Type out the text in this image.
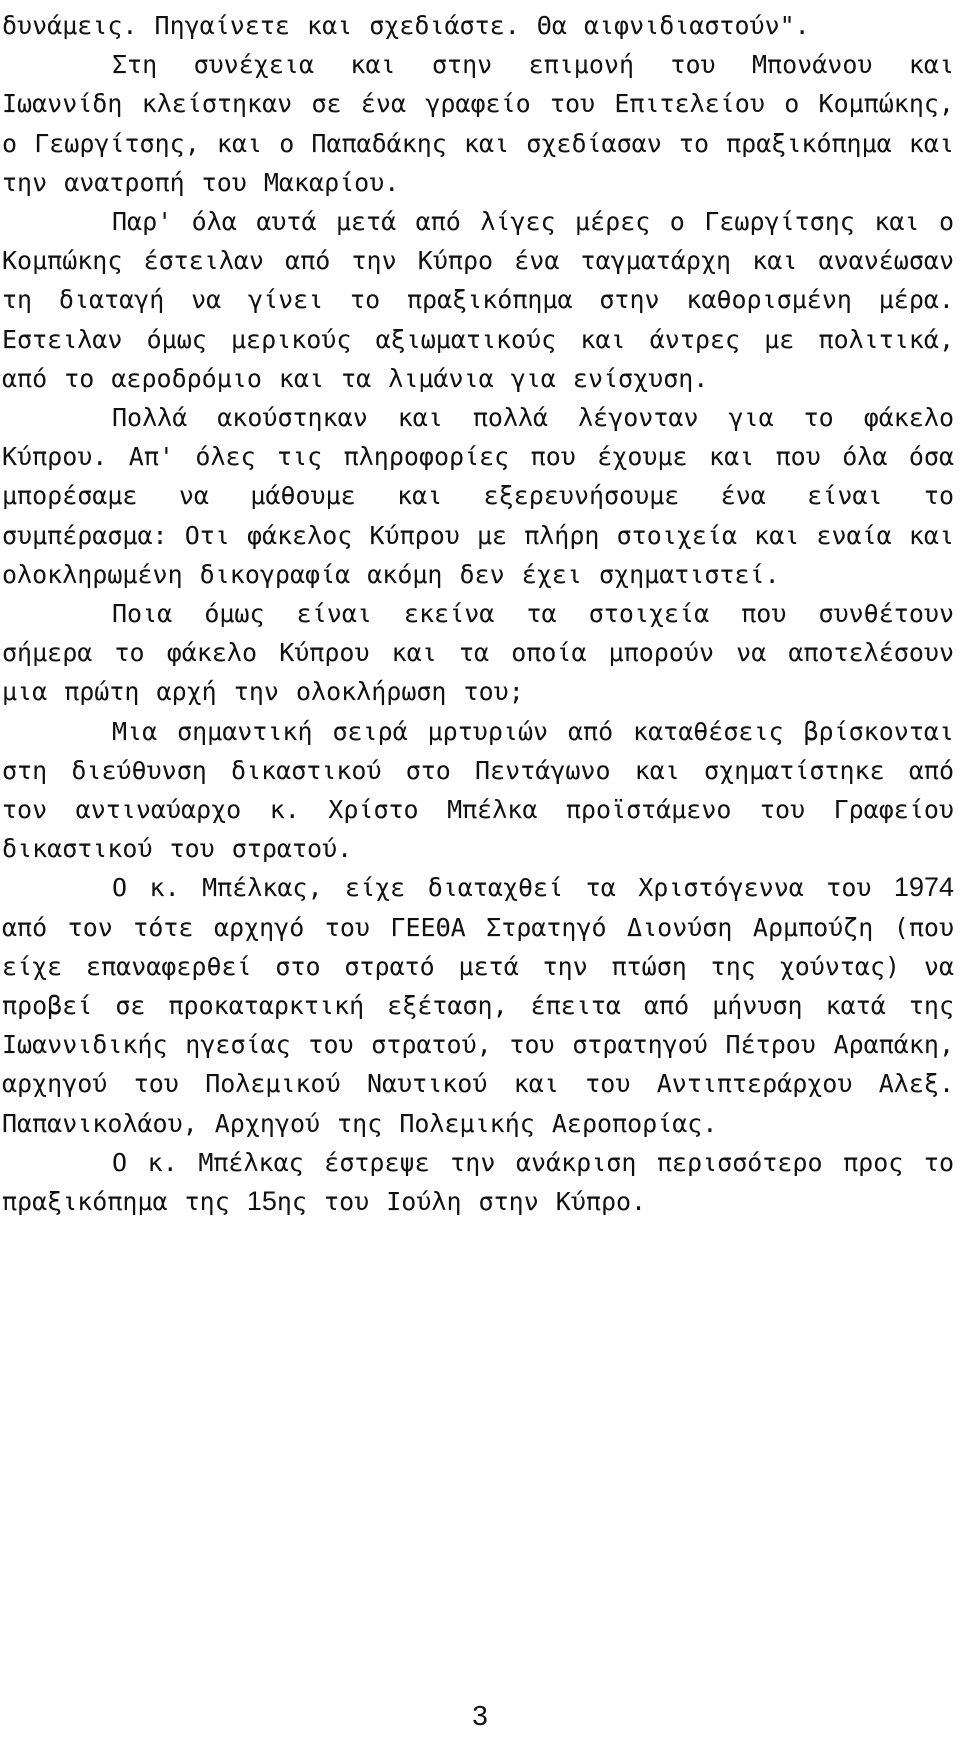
δυνάμεις. Πηγαίνετε και σχεδιάστε. Θα αιφνιδιαστούν".

Στη συνέχεια και στην επιμονή του Μπονάνου και Ιωαννίδη κλείστηκαν σε ένα γραφείο του Επιτελείου ο Κομπώκης, ο Γεωργίτσης, και ο Παπαδάκης και σχεδίασαν το πραξικόπημα και την ανατροπή του Μακαρίου.

Παρ' όλα αυτά μετά από λίγες μέρες ο Γεωργίτσης και ο Κομπώκης έστειλαν από την Κύπρο ένα ταγματάρχη και ανανέωσαν τη διαταγή να γίνει το πραξικόπημα στην καθορισμένη μέρα. Εστειλαν όμως μερικούς αξιωματικούς και άντρες με πολιτικά, από το αεροδρόμιο και τα λιμάνια για ενίσχυση.

Πολλά ακούστηκαν και πολλά λέγονταν για το φάκελο Κύπρου. Απ' όλες τις πληροφορίες που έχουμε και που όλα όσα μπορέσαμε να μάθουμε και εξερευνήσουμε ένα είναι το συμπέρασμα: Οτι φάκελος Κύπρου με πλήρη στοιχεία και εναία και ολοκληρωμένη δικογραφία ακόμη δεν έχει σχηματιστεί.

Ποια όμως είναι εκείνα τα στοιχεία που συνθέτουν σήμερα το φάκελο Κύπρου και τα οποία μπορούν να αποτελέσουν μια πρώτη αρχή την ολοκλήρωση του;

Μια σημαντική σειρά μρτυριών από καταθέσεις βρίσκονται στη διεύθυνση δικαστικού στο Πεντάγωνο και σχηματίστηκε από τον αντιναύαρχο κ. Χρίστο Μπέλκα προϊστάμενο του Γραφείου δικαστικού του στρατού.

Ο κ. Μπέλκας, είχε διαταχθεί τα Χριστόγεννα του 1974 από τον τότε αρχηγό του ΓΕΕΘΑ Στρατηγό Διονύση Αρμπούζη (που είχε επαναφερθεί στο στρατό μετά την πτώση της χούντας) να προβεί σε προκαταρκτική εξέταση, έπειτα από μήνυση κατά της Ιωαννιδικής ηγεσίας του στρατού, του στρατηγού Πέτρου Αραπάκη, αρχηγού του Πολεμικού Ναυτικού και του Αντιπτεράρχου Αλεξ. Παπανικολάου, Αρχηγού της Πολεμικής Αεροπορίας.

Ο κ. Μπέλκας έστρεψε την ανάκριση περισσότερο προς το πραξικόπημα της 15ης του Ιούλη στην Κύπρο.

3
